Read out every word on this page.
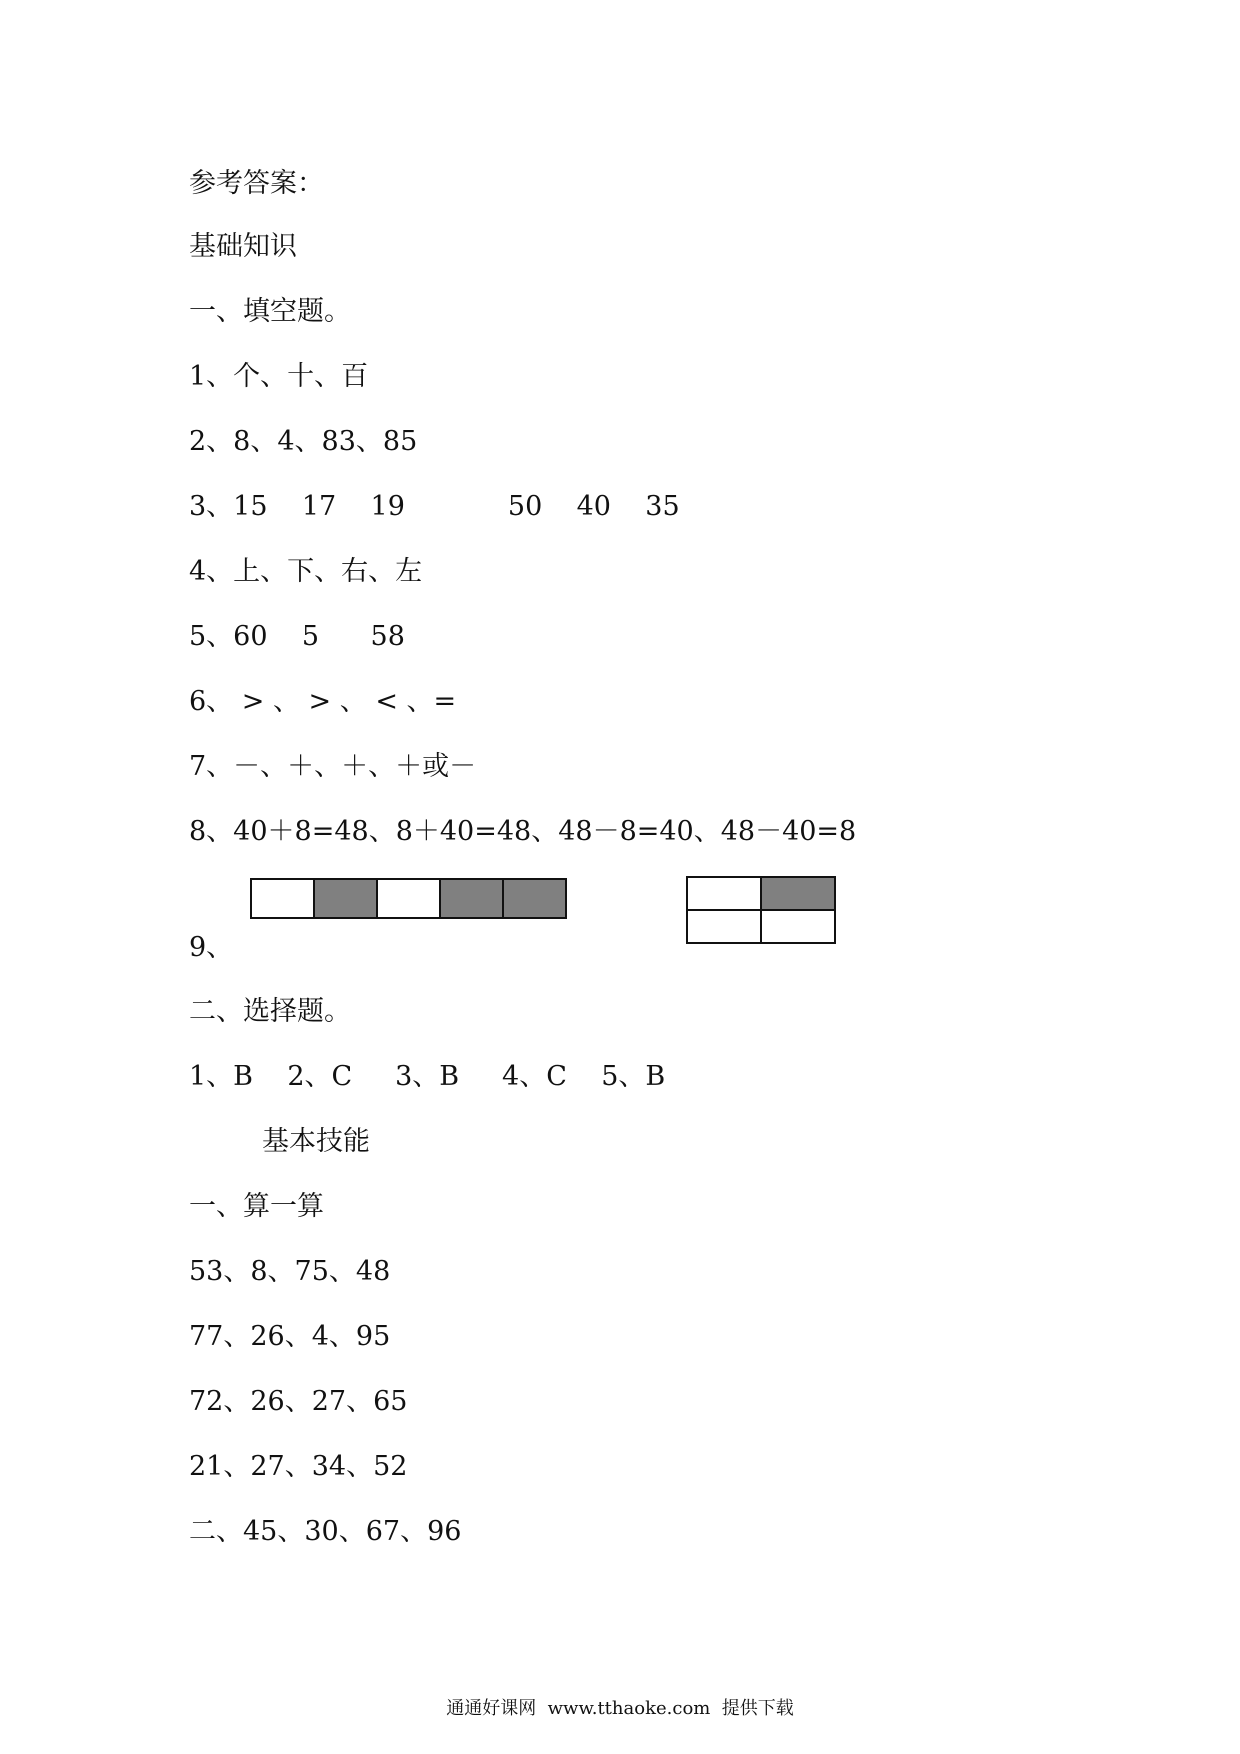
参考答案：
基础知识
一、填空题。
1、个、十、百
2、8、4、83、85
3、15    17    19            50    40    35
4、上、下、右、左
5、60    5      58
6、 > 、 > 、 < 、=
7、－、＋、＋、＋或－
8、40＋8=48、8＋40=48、48－8=40、48－40=8
9、
二、选择题。
1、B    2、C     3、B     4、C    5、B
基本技能
一、算一算
53、8、75、48
77、26、4、95
72、26、27、65
21、27、34、52
二、45、30、67、96
通通好课网  www.tthaoke.com  提供下载
